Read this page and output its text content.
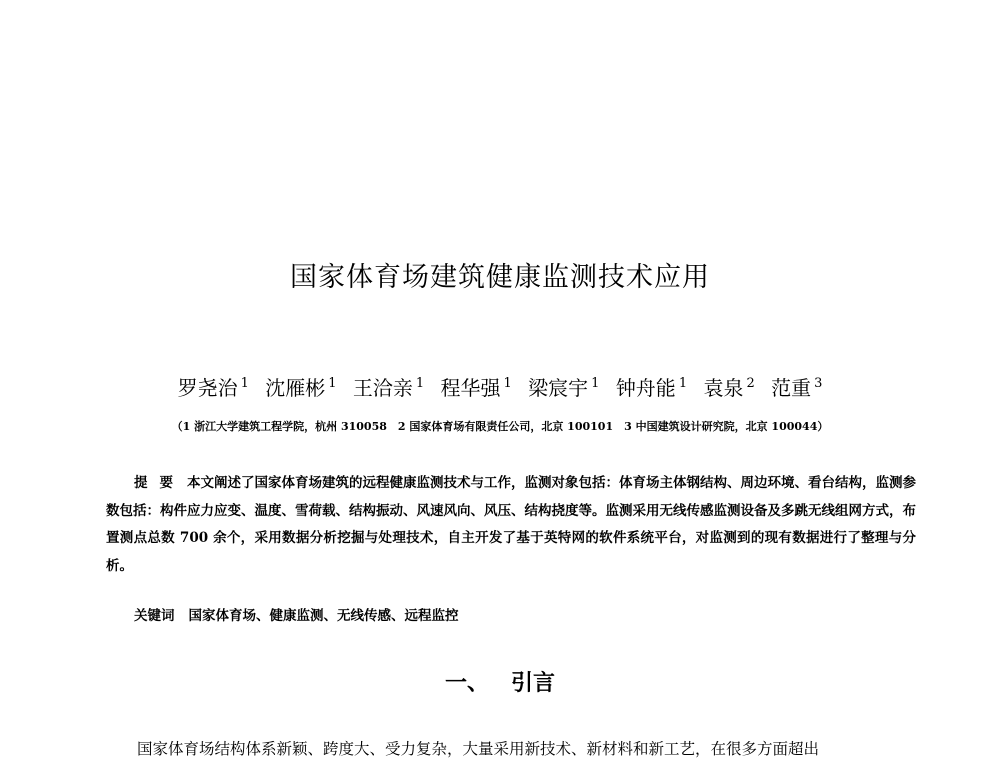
国家体育场建筑健康监测技术应用
罗尧治 $^1$ 沈雁彬 $^1$ 王洽亲 $^1$ 程华强 $^1$ 梁宸宇 $^1$ 钟舟能 $^1$ 袁泉 $^2$ 范重 $^3$
（1 浙江大学建筑工程学院，杭州 310058　2 国家体育场有限责任公司，北京 100101　3 中国建筑设计研究院，北京 100044）

提要 本文阐述了国家体育场建筑的远程健康监测技术与工作，监测对象包括：体育场主体钢结构、周边环境、看台结构，监测参数包括：构件应力应变、温度、雪荷载、结构振动、风速风向、风压、结构挠度等。监测采用无线传感监测设备及多跳无线组网方式，布置测点总数 700 余个，采用数据分析挖掘与处理技术，自主开发了基于英特网的软件系统平台，对监测到的现有数据进行了整理与分析。

关键词 国家体育场、健康监测、无线传感、远程监控
一、 引言

国家体育场结构体系新颖、跨度大、受力复杂，大量采用新技术、新材料和新工艺，在很多方面超出
